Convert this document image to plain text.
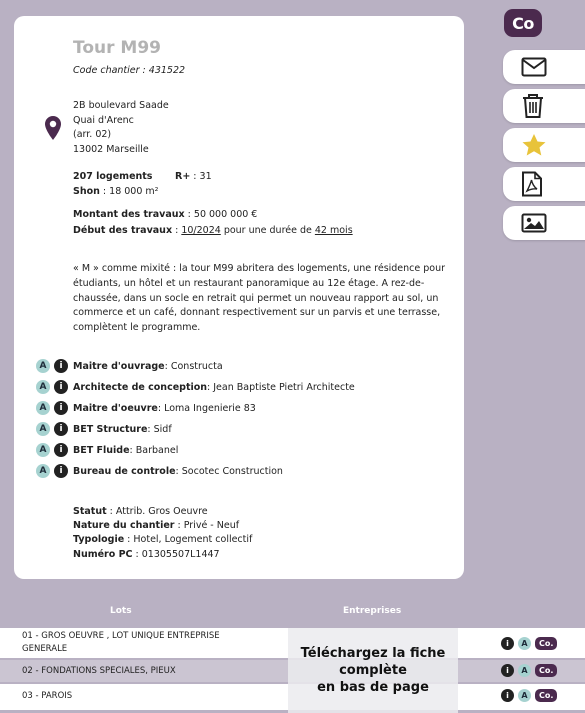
Tour M99
Code chantier : 431522
2B boulevard Saade
Quai d'Arenc
(arr. 02)
13002 Marseille
207 logements R+ : 31
Shon : 18 000 m²
Montant des travaux : 50 000 000 €
Début des travaux : 10/2024 pour une durée de 42 mois
« M » comme mixité : la tour M99 abritera des logements, une résidence pour étudiants, un hôtel et un restaurant panoramique au 12e étage. A rez-de-chaussée, dans un socle en retrait qui permet un nouveau rapport au sol, un commerce et un café, donnant respectivement sur un parvis et une terrasse, complètent le programme.
A	i	Maitre d'ouvrage : Constructa
A	i	Architecte de conception : Jean Baptiste Pietri Architecte
A	i	Maitre d'oeuvre : Loma Ingenierie 83
A	i	BET Structure : Sidf
A	i	BET Fluide : Barbanel
A	i	Bureau de controle : Socotec Construction
Statut : Attrib. Gros Oeuvre
Nature du chantier : Privé - Neuf
Typologie : Hotel, Logement collectif
Numéro PC : 01305507L1447
Co
Lots	Entreprises
01 - GROS OEUVRE , LOT UNIQUE ENTREPRISE
GENERALE
i	A	Co.
02 - FONDATIONS SPECIALES, PIEUX	i	A	Co.
03 - PAROIS	i	A	Co.
Téléchargez la fiche
complète
en bas de page
